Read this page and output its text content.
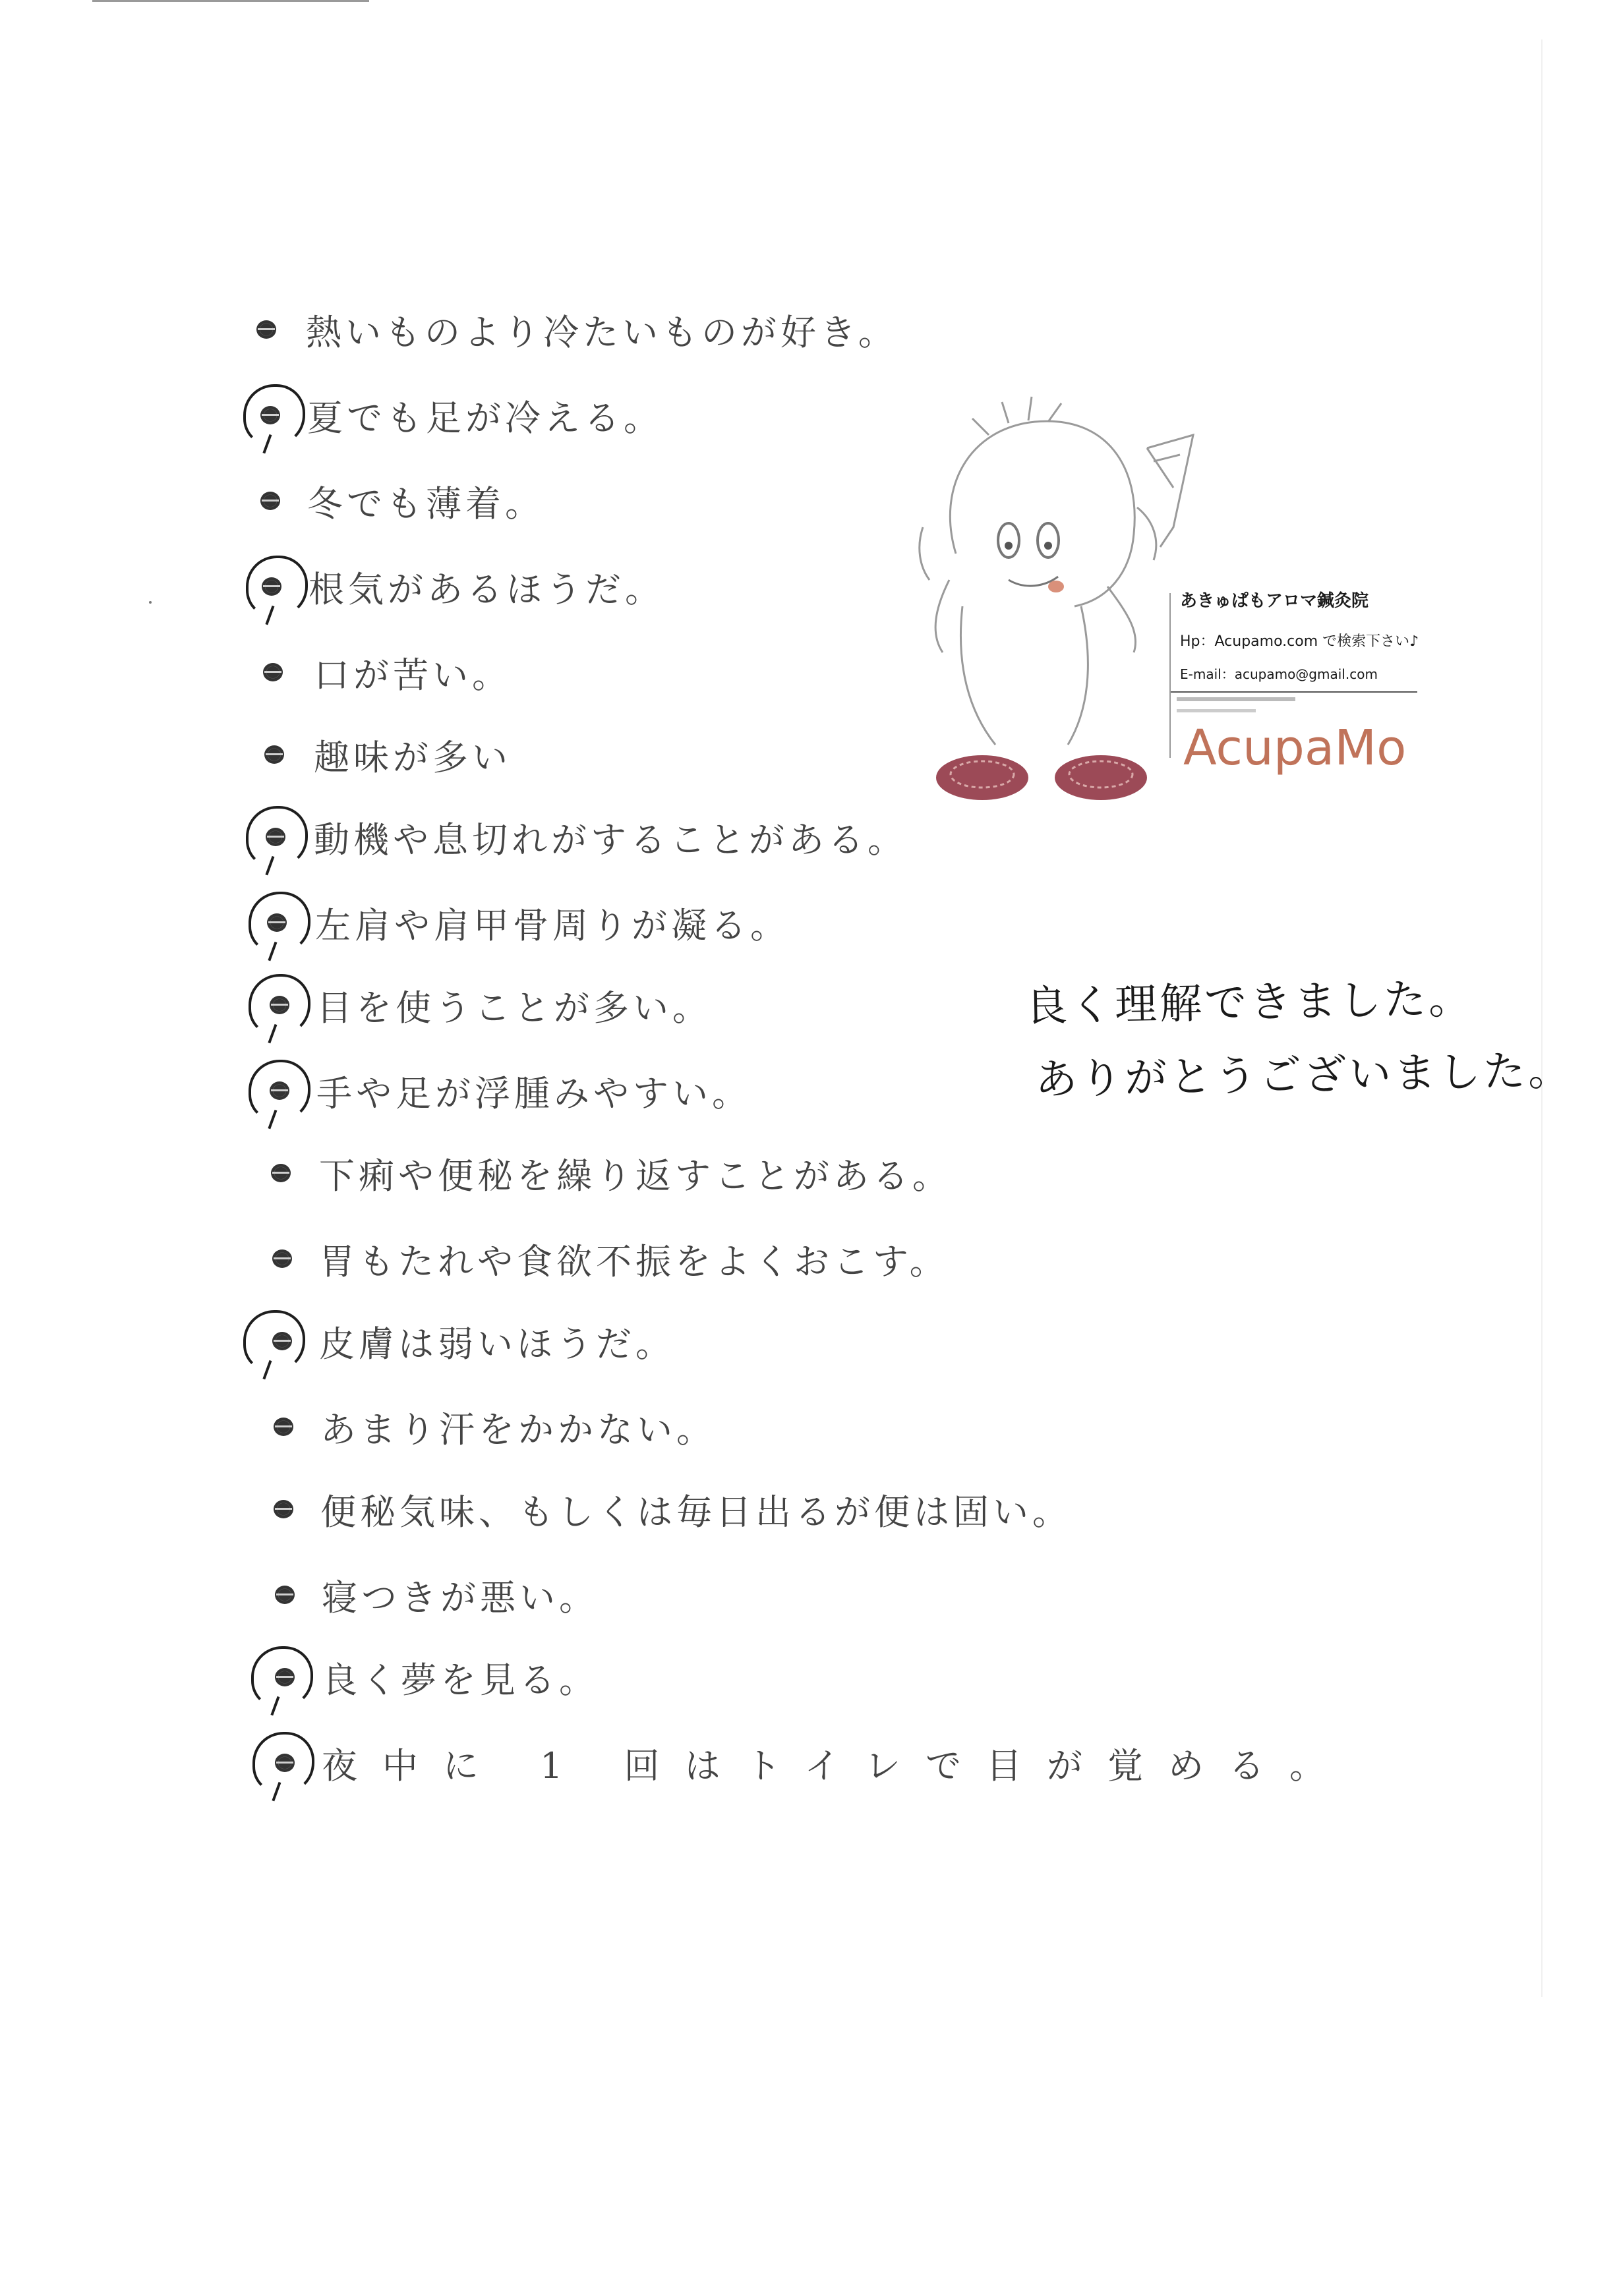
熱いものより冷たいものが好き。
夏でも足が冷える。
冬でも薄着。
根気があるほうだ。
口が苦い。
趣味が多い
動機や息切れがすることがある。
左肩や肩甲骨周りが凝る。
目を使うことが多い。
手や足が浮腫みやすい。
下痢や便秘を繰り返すことがある。
胃もたれや食欲不振をよくおこす。
皮膚は弱いほうだ。
あまり汗をかかない。
便秘気味、もしくは毎日出るが便は固い。
寝つきが悪い。
良く夢を見る。
夜中に 1 回はトイレで目が覚める。
あきゅぱもアロマ鍼灸院
Hp：Acupamo.com で検索下さい♪
E-mail：acupamo@gmail.com
AcupaMo
良く理解できました。
ありがとうございました。
